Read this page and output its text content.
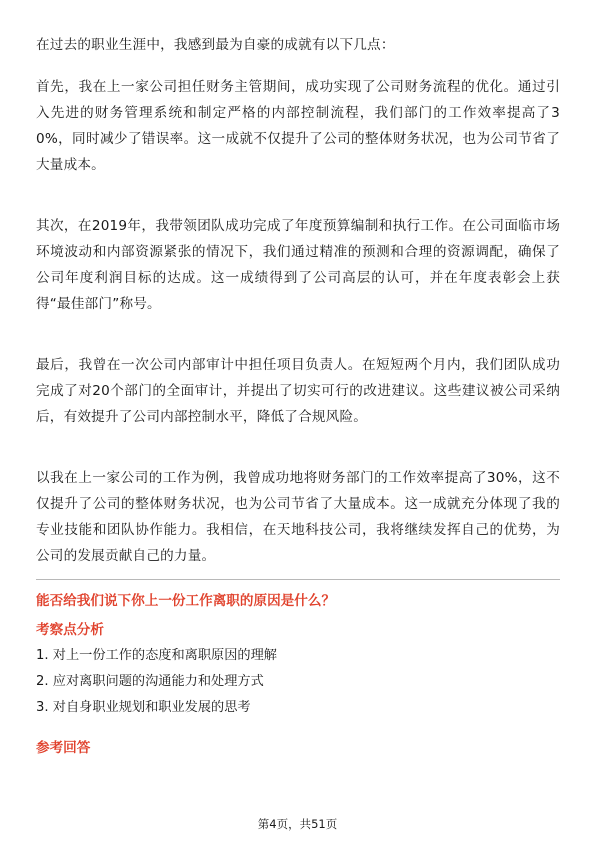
在过去的职业生涯中，我感到最为自豪的成就有以下几点：

首先，我在上一家公司担任财务主管期间，成功实现了公司财务流程的优化。通过引入先进的财务管理系统和制定严格的内部控制流程，我们部门的工作效率提高了30%，同时减少了错误率。这一成就不仅提升了公司的整体财务状况，也为公司节省了大量成本。

其次，在2019年，我带领团队成功完成了年度预算编制和执行工作。在公司面临市场环境波动和内部资源紧张的情况下，我们通过精准的预测和合理的资源调配，确保了公司年度利润目标的达成。这一成绩得到了公司高层的认可，并在年度表彰会上获得“最佳部门”称号。

最后，我曾在一次公司内部审计中担任项目负责人。在短短两个月内，我们团队成功完成了对20个部门的全面审计，并提出了切实可行的改进建议。这些建议被公司采纳后，有效提升了公司内部控制水平，降低了合规风险。

以我在上一家公司的工作为例，我曾成功地将财务部门的工作效率提高了30%，这不仅提升了公司的整体财务状况，也为公司节省了大量成本。这一成就充分体现了我的专业技能和团队协作能力。我相信，在天地科技公司，我将继续发挥自己的优势，为公司的发展贡献自己的力量。

能否给我们说下你上一份工作离职的原因是什么？
考察点分析
1. 对上一份工作的态度和离职原因的理解
2. 应对离职问题的沟通能力和处理方式
3. 对自身职业规划和职业发展的思考
参考回答
第4页，共51页
